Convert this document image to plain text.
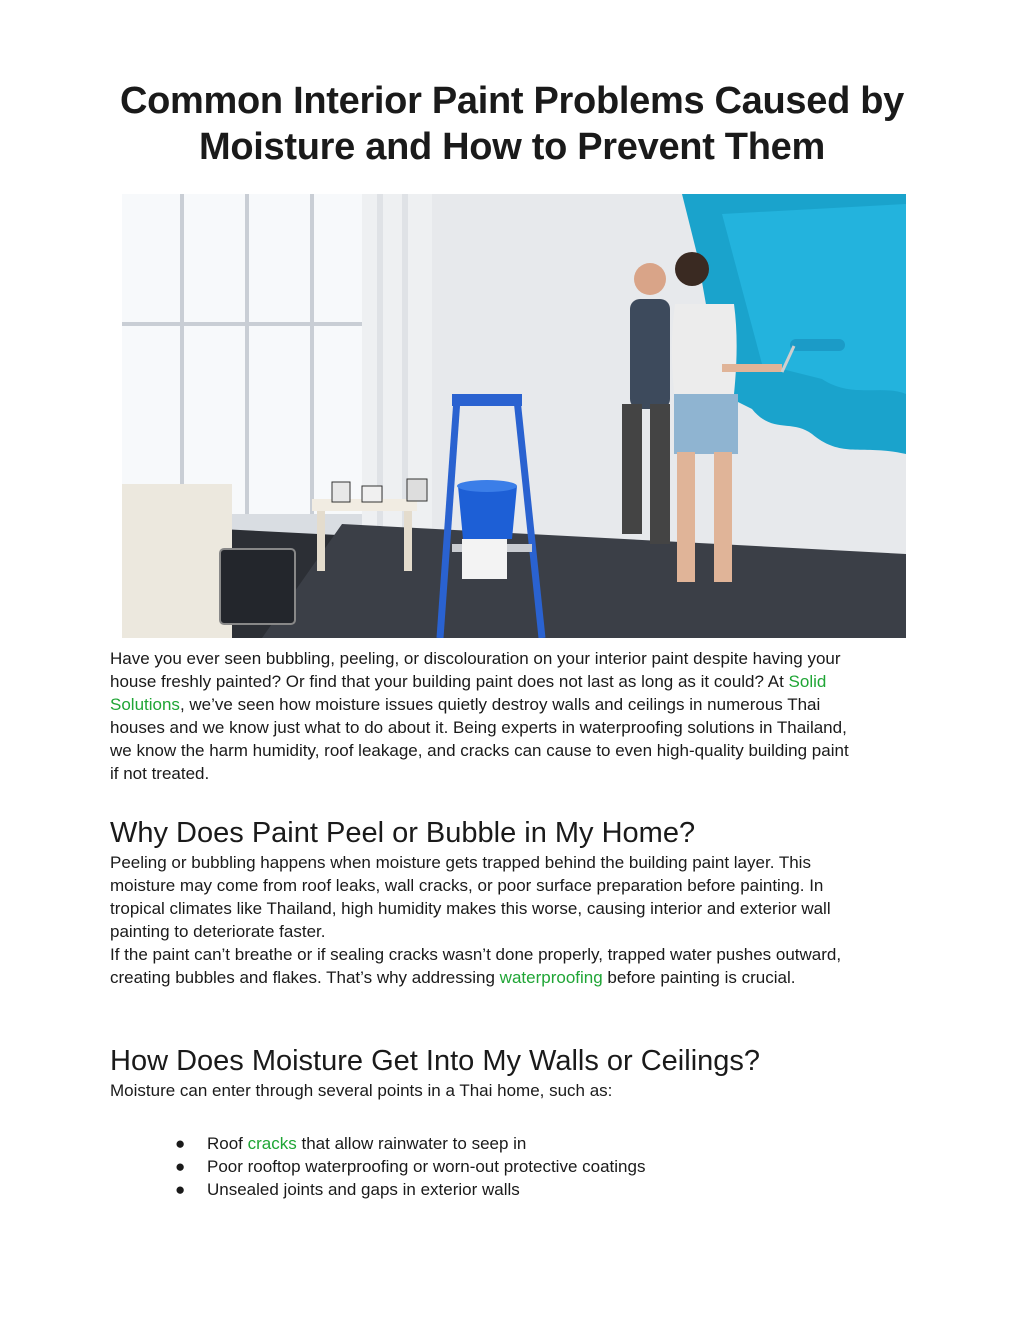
Common Interior Paint Problems Caused by
Moisture and How to Prevent Them

Have you ever seen bubbling, peeling, or discolouration on your interior paint despite having your house freshly painted? Or find that your building paint does not last as long as it could? At Solid Solutions, we’ve seen how moisture issues quietly destroy walls and ceilings in numerous Thai houses and we know just what to do about it. Being experts in waterproofing solutions in Thailand, we know the harm humidity, roof leakage, and cracks can cause to even high-quality building paint if not treated.

Why Does Paint Peel or Bubble in My Home?

Peeling or bubbling happens when moisture gets trapped behind the building paint layer. This moisture may come from roof leaks, wall cracks, or poor surface preparation before painting. In tropical climates like Thailand, high humidity makes this worse, causing interior and exterior wall painting to deteriorate faster.
If the paint can’t breathe or if sealing cracks wasn’t done properly, trapped water pushes outward, creating bubbles and flakes. That’s why addressing waterproofing before painting is crucial.

How Does Moisture Get Into My Walls or Ceilings?

Moisture can enter through several points in a Thai home, such as:

● Roof cracks that allow rainwater to seep in
● Poor rooftop waterproofing or worn-out protective coatings
● Unsealed joints and gaps in exterior walls
